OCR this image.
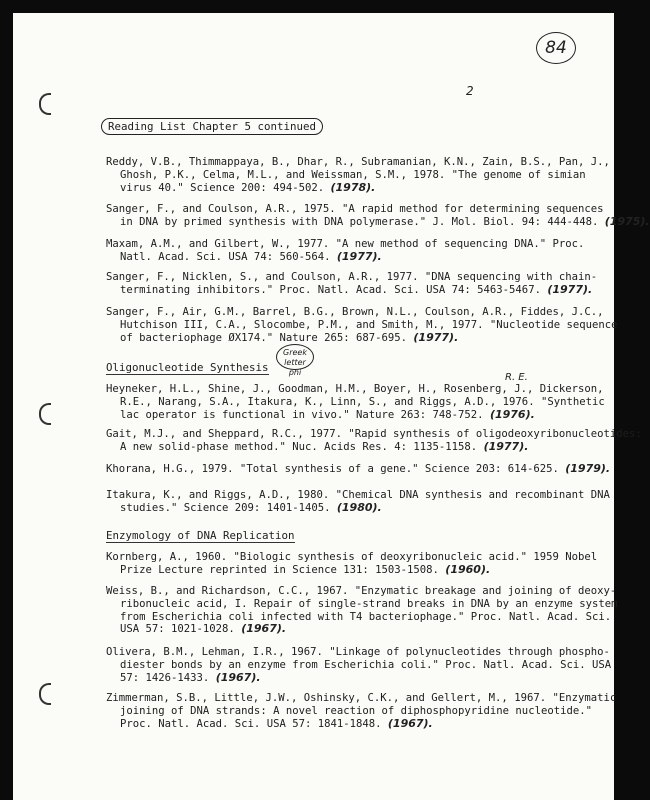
84
2
Reading List Chapter 5 continued
Reddy, V.B., Thimmappaya, B., Dhar, R., Subramanian, K.N., Zain, B.S., Pan, J.,
Ghosh, P.K., Celma, M.L., and Weissman, S.M., 1978. "The genome of simian
virus 40." Science 200: 494-502. (1978).
Sanger, F., and Coulson, A.R., 1975. "A rapid method for determining sequences
in DNA by primed synthesis with DNA polymerase." J. Mol. Biol. 94: 444-448. (1975).
Maxam, A.M., and Gilbert, W., 1977. "A new method of sequencing DNA." Proc.
Natl. Acad. Sci. USA 74: 560-564. (1977).
Sanger, F., Nicklen, S., and Coulson, A.R., 1977. "DNA sequencing with chain-
terminating inhibitors." Proc. Natl. Acad. Sci. USA 74: 5463-5467. (1977).
Sanger, F., Air, G.M., Barrel, B.G., Brown, N.L., Coulson, A.R., Fiddes, J.C.,
Hutchison III, C.A., Slocombe, P.M., and Smith, M., 1977. "Nucleotide sequence
of bacteriophage ØX174." Nature 265: 687-695. (1977).
Greek letter phi
Oligonucleotide Synthesis
R. E.
Heyneker, H.L., Shine, J., Goodman, H.M., Boyer, H., Rosenberg, J., Dickerson,
R.E., Narang, S.A., Itakura, K., Linn, S., and Riggs, A.D., 1976. "Synthetic
lac operator is functional in vivo." Nature 263: 748-752. (1976).
Gait, M.J., and Sheppard, R.C., 1977. "Rapid synthesis of oligodeoxyribonucleotides:
A new solid-phase method." Nuc. Acids Res. 4: 1135-1158. (1977).
Khorana, H.G., 1979. "Total synthesis of a gene." Science 203: 614-625. (1979).
Itakura, K., and Riggs, A.D., 1980. "Chemical DNA synthesis and recombinant DNA
studies." Science 209: 1401-1405. (1980).
Enzymology of DNA Replication
Kornberg, A., 1960. "Biologic synthesis of deoxyribonucleic acid." 1959 Nobel
Prize Lecture reprinted in Science 131: 1503-1508. (1960).
Weiss, B., and Richardson, C.C., 1967. "Enzymatic breakage and joining of deoxy-
ribonucleic acid, I. Repair of single-strand breaks in DNA by an enzyme system
from Escherichia coli infected with T4 bacteriophage." Proc. Natl. Acad. Sci.
USA 57: 1021-1028. (1967).
Olivera, B.M., Lehman, I.R., 1967. "Linkage of polynucleotides through phospho-
diester bonds by an enzyme from Escherichia coli." Proc. Natl. Acad. Sci. USA
57: 1426-1433. (1967).
Zimmerman, S.B., Little, J.W., Oshinsky, C.K., and Gellert, M., 1967. "Enzymatic
joining of DNA strands: A novel reaction of diphosphopyridine nucleotide."
Proc. Natl. Acad. Sci. USA 57: 1841-1848. (1967).
